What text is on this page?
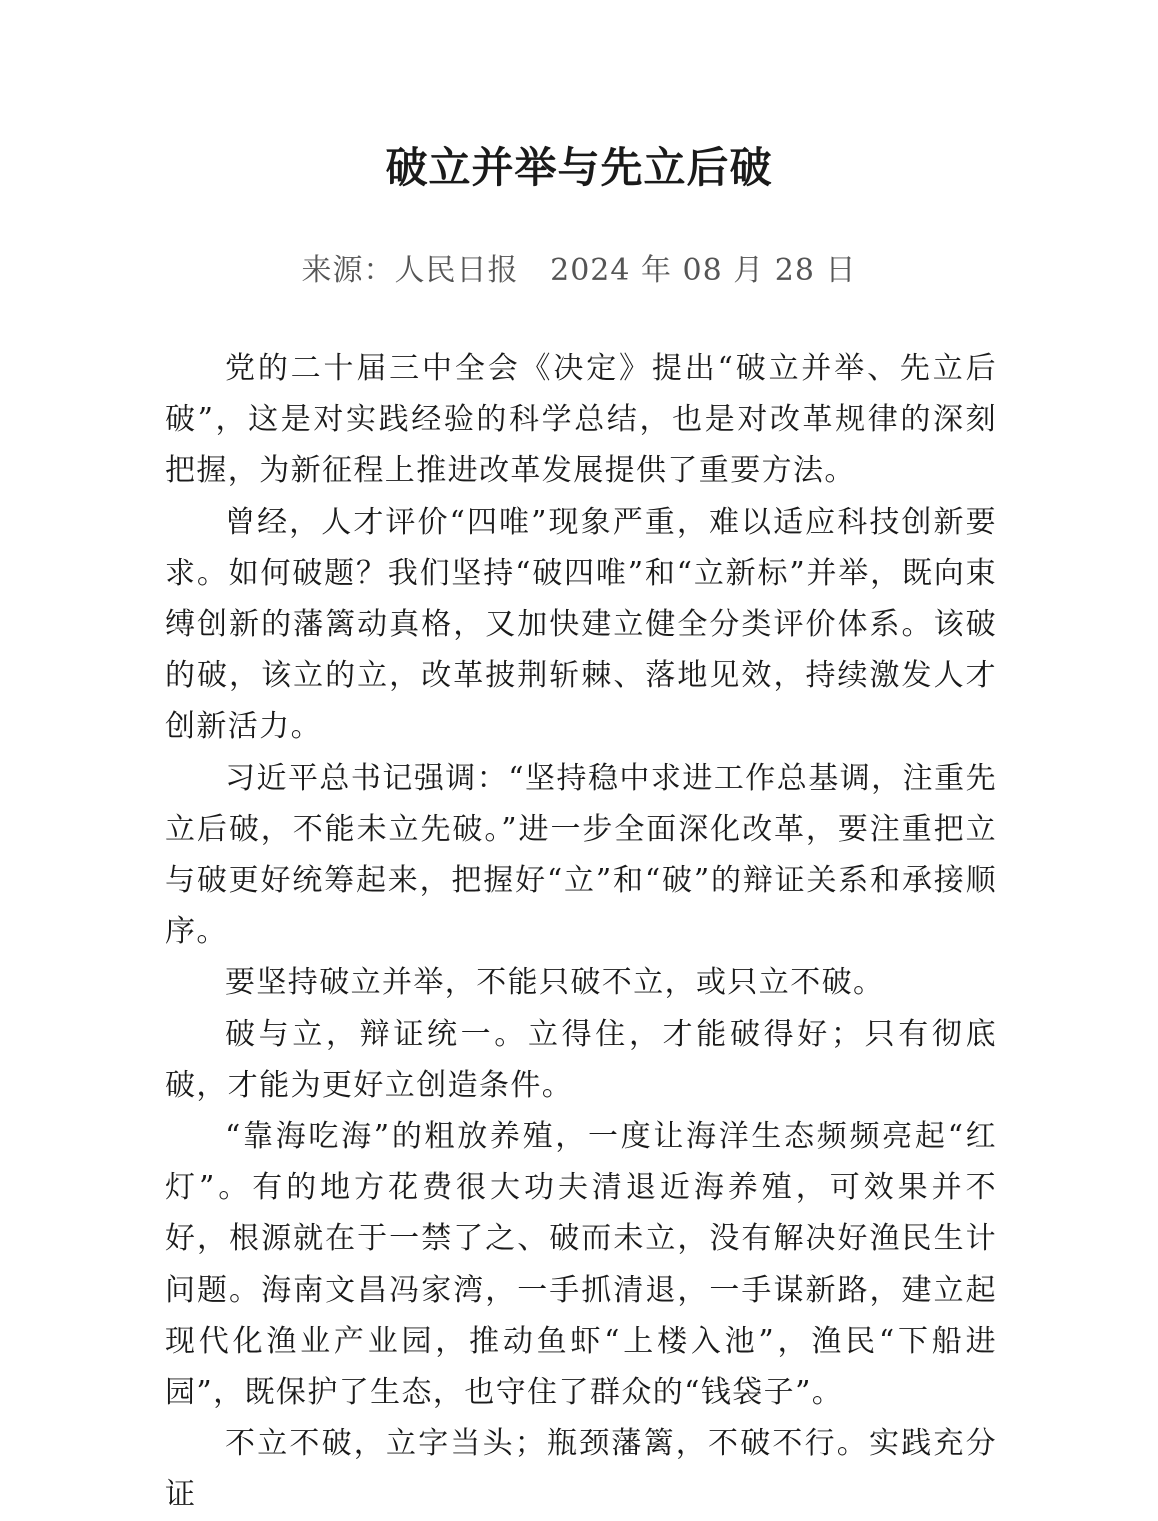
破立并举与先立后破
来源：人民日报 2024 年 08 月 28 日

党的二十届三中全会《决定》提出“破立并举、先立后破”，这是对实践经验的科学总结，也是对改革规律的深刻把握，为新征程上推进改革发展提供了重要方法。

曾经，人才评价“四唯”现象严重，难以适应科技创新要求。如何破题？我们坚持“破四唯”和“立新标”并举，既向束缚创新的藩篱动真格，又加快建立健全分类评价体系。该破的破，该立的立，改革披荆斩棘、落地见效，持续激发人才创新活力。

习近平总书记强调：“坚持稳中求进工作总基调，注重先立后破，不能未立先破。”进一步全面深化改革，要注重把立与破更好统筹起来，把握好“立”和“破”的辩证关系和承接顺序。

要坚持破立并举，不能只破不立，或只立不破。

破与立，辩证统一。立得住，才能破得好；只有彻底破，才能为更好立创造条件。

“靠海吃海”的粗放养殖，一度让海洋生态频频亮起“红灯”。有的地方花费很大功夫清退近海养殖，可效果并不好，根源就在于一禁了之、破而未立，没有解决好渔民生计问题。海南文昌冯家湾，一手抓清退，一手谋新路，建立起现代化渔业产业园，推动鱼虾“上楼入池”，渔民“下船进园”，既保护了生态，也守住了群众的“钱袋子”。

不立不破，立字当头；瓶颈藩篱，不破不行。实践充分证
